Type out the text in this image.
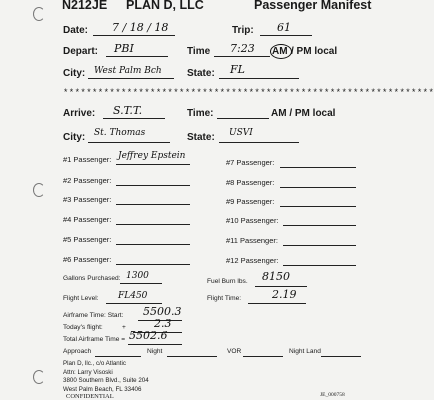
N212JE PLAN D, LLC	Passenger Manifest
Date: 7 / 18 / 18	Trip: 61
Depart: PBI	Time 7:23 AM / PM local
City: West Palm Bch	State: FL
****************************************************************
Arrive: S.T.T.	Time:	AM / PM local
City: St. Thomas	State: USVI
#1 Passenger: Jeffrey Epstein
#2 Passenger:
#3 Passenger:
#4 Passenger:
#5 Passenger:
#6 Passenger:
#7 Passenger:
#8 Passenger:
#9 Passenger:
#10 Passenger:
#11 Passenger:
#12 Passenger:
Gallons Purchased: 1300
Fuel Burn lbs. 8150
Flight Level: FL450	Flight Time:	2.19
Airframe Time: Start: 5500.3
Today's flight:	+	2.3
Total Airframe Time = 5502.6
Approach	Night	VOR	Night Land
Plan D, llc., c/o Atlantic
Attn: Larry Visoski
3800 Southern Blvd., Suite 204
West Palm Beach, FL 33406
CONFIDENTIAL	JE_000758
